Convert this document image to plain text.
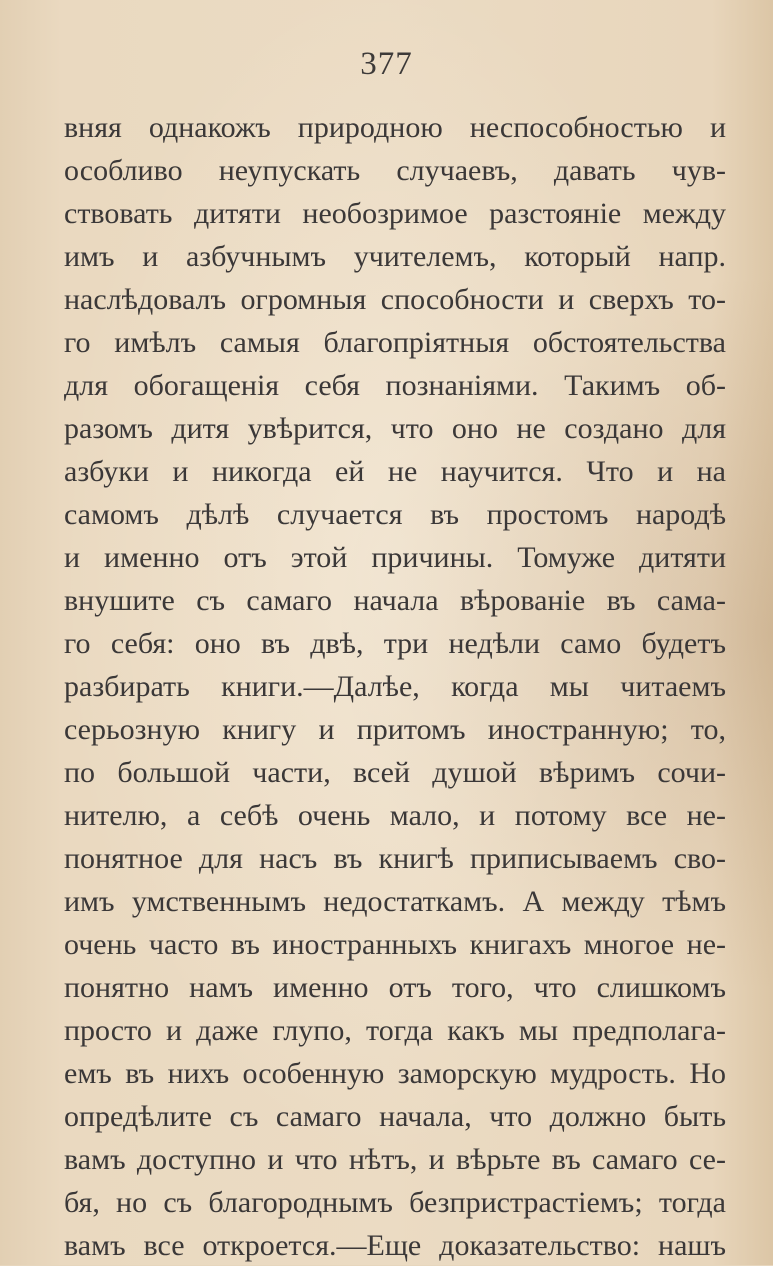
377
вняя однакожъ природною неспособностью и
особливо неупускать случаевъ, давать чув-
ствовать дитяти необозримое разстояніе между
имъ и азбучнымъ учителемъ, который напр.
наслѣдовалъ огромныя способности и сверхъ то-
го имѣлъ самыя благопріятныя обстоятельства
для обогащенія себя познаніями. Такимъ об-
разомъ дитя увѣрится, что оно не создано для
азбуки и никогда ей не научится. Что и на
самомъ дѣлѣ случается въ простомъ народѣ
и именно отъ этой причины. Томуже дитяти
внушите съ самаго начала вѣрованіе въ сама-
го себя: оно въ двѣ, три недѣли само будетъ
разбирать книги.—Далѣе, когда мы читаемъ
серьозную книгу и притомъ иностранную; то,
по большой части, всей душой вѣримъ сочи-
нителю, а себѣ очень мало, и потому все не-
понятное для насъ въ книгѣ приписываемъ сво-
имъ умственнымъ недостаткамъ. А между тѣмъ
очень часто въ иностранныхъ книгахъ многое не-
понятно намъ именно отъ того, что слишкомъ
просто и даже глупо, тогда какъ мы предполага-
емъ въ нихъ особенную заморскую мудрость. Но
опредѣлите съ самаго начала, что должно быть
вамъ доступно и что нѣтъ, и вѣрьте въ самаго се-
бя, но съ благороднымъ безпристрастіемъ; тогда
вамъ все откроется.—Еще доказательство: нашъ
